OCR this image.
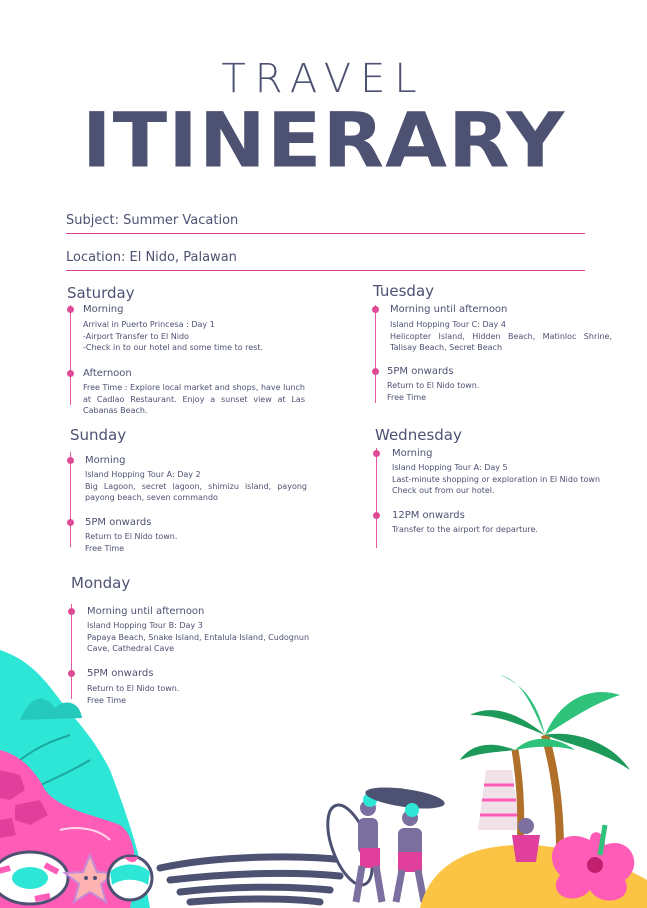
TRAVEL
ITINERARY
Subject: Summer Vacation
Location: El Nido, Palawan
Saturday
Morning
Arrival in Puerto Princesa : Day 1
-Airport Transfer to El Nido
-Check in to our hotel and some time to rest.
Afternoon
Free Time : Explore local market and shops, have lunch
at Cadlao Restaurant. Enjoy a sunset view at Las
Cabanas Beach.
Sunday
Morning
Island Hopping Tour A: Day 2
Big Lagoon, secret lagoon, shimizu island, payong
payong beach, seven commando
5PM onwards
Return to El Nido town.
Free Time
Monday
Morning until afternoon
Island Hopping Tour B: Day 3
Papaya Beach, Snake Island, Entalula Island, Cudognun
Cave, Cathedral Cave
5PM onwards
Return to El Nido town.
Free Time
Tuesday
Morning until afternoon
Island Hopping Tour C: Day 4
Helicopter Island, Hidden Beach, Matinloc Shrine,
Talisay Beach, Secret Beach
5PM onwards
Return to El Nido town.
Free Time
Wednesday
Morning
Island Hopping Tour A: Day 5
Last-minute shopping or exploration in El Nido town
Check out from our hotel.
12PM onwards
Transfer to the airport for departure.
